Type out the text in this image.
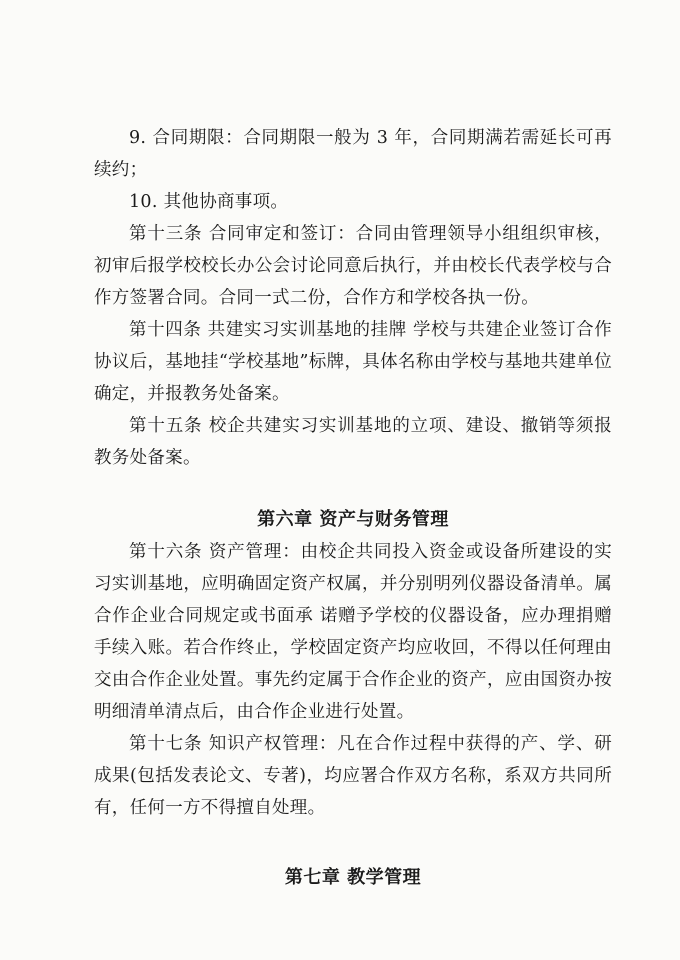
9. 合同期限：合同期限一般为 3 年，合同期满若需延长可再续约；

10. 其他协商事项。

第十三条 合同审定和签订：合同由管理领导小组组织审核，初审后报学校校长办公会讨论同意后执行，并由校长代表学校与合作方签署合同。合同一式二份，合作方和学校各执一份。

第十四条 共建实习实训基地的挂牌 学校与共建企业签订合作协议后，基地挂“学校基地”标牌，具体名称由学校与基地共建单位确定，并报教务处备案。

第十五条 校企共建实习实训基地的立项、建设、撤销等须报教务处备案。

第六章 资产与财务管理

第十六条 资产管理：由校企共同投入资金或设备所建设的实习实训基地，应明确固定资产权属，并分别明列仪器设备清单。属合作企业合同规定或书面承 诺赠予学校的仪器设备，应办理捐赠手续入账。若合作终止，学校固定资产均应收回，不得以任何理由交由合作企业处置。事先约定属于合作企业的资产，应由国资办按明细清单清点后，由合作企业进行处置。

第十七条 知识产权管理：凡在合作过程中获得的产、学、研成果(包括发表论文、专著)，均应署合作双方名称，系双方共同所有，任何一方不得擅自处理。

第七章 教学管理
